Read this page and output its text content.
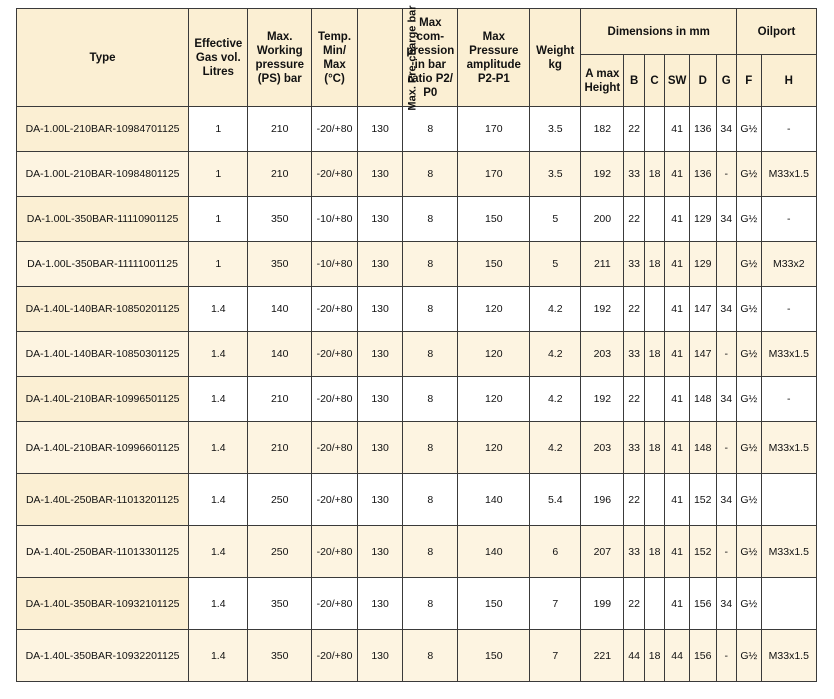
Type	Effective Gas vol. Litres	Max. Working pressure (PS) bar	Temp. Min/ Max (°C)	Max. Pre-charge bar	Max com- pression in bar ratio P2/ P0	Max Pressure amplitude P2-P1	Weight kg	Dimensions in mm						Oilport	
								A max Height	B	C	SW	D	G	F	H
DA-1.00L-210BAR-10984701125	1	210	-20/+80	130	8	170	3.5	182	22		41	136	34	G½	-
DA-1.00L-210BAR-10984801125	1	210	-20/+80	130	8	170	3.5	192	33	18	41	136	-	G½	M33x1.5
DA-1.00L-350BAR-11110901125	1	350	-10/+80	130	8	150	5	200	22		41	129	34	G½	-
DA-1.00L-350BAR-11111001125	1	350	-10/+80	130	8	150	5	211	33	18	41	129		G½	M33x2
DA-1.40L-140BAR-10850201125	1.4	140	-20/+80	130	8	120	4.2	192	22		41	147	34	G½	-
DA-1.40L-140BAR-10850301125	1.4	140	-20/+80	130	8	120	4.2	203	33	18	41	147	-	G½	M33x1.5
DA-1.40L-210BAR-10996501125	1.4	210	-20/+80	130	8	120	4.2	192	22		41	148	34	G½	-
DA-1.40L-210BAR-10996601125	1.4	210	-20/+80	130	8	120	4.2	203	33	18	41	148	-	G½	M33x1.5
DA-1.40L-250BAR-11013201125	1.4	250	-20/+80	130	8	140	5.4	196	22		41	152	34	G½	
DA-1.40L-250BAR-11013301125	1.4	250	-20/+80	130	8	140	6	207	33	18	41	152	-	G½	M33x1.5
DA-1.40L-350BAR-10932101125	1.4	350	-20/+80	130	8	150	7	199	22		41	156	34	G½	
DA-1.40L-350BAR-10932201125	1.4	350	-20/+80	130	8	150	7	221	44	18	44	156	-	G½	M33x1.5
